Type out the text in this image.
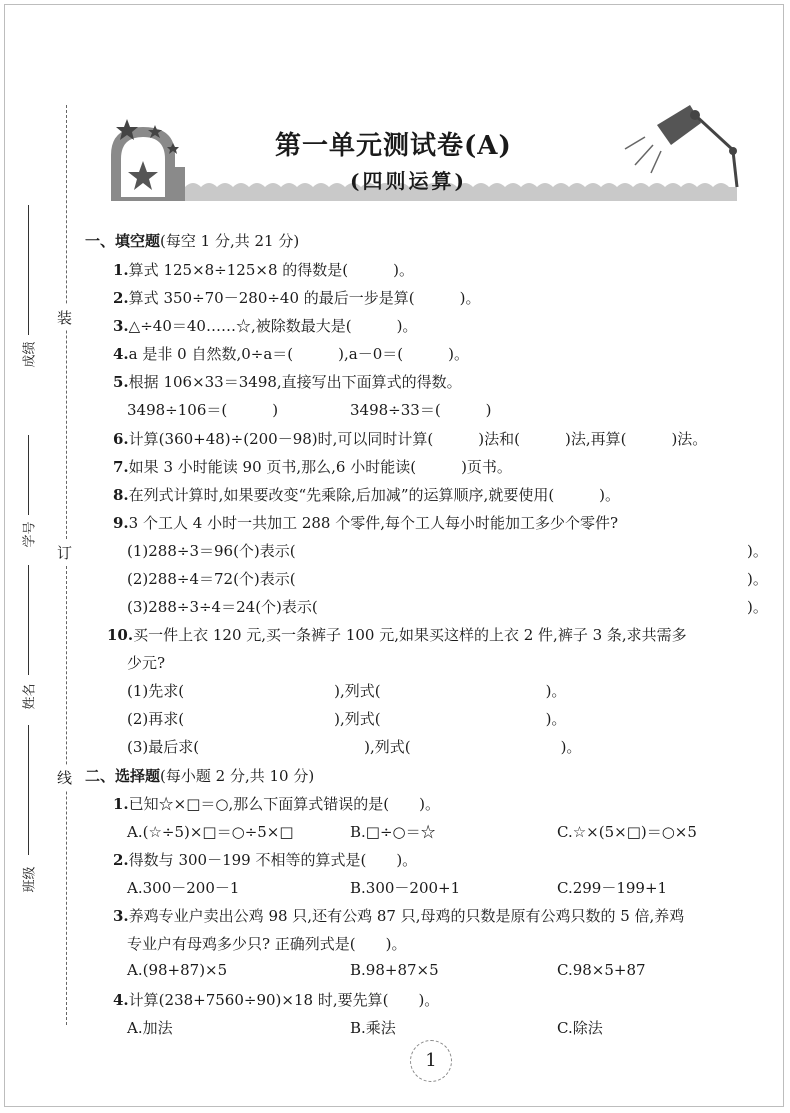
装
订
线
成绩
学号
姓名
班级
第一单元测试卷(A)
(四则运算)
一、填空题(每空 1 分,共 21 分)
1.算式 125×8÷125×8 的得数是(　　　)。
2.算式 350÷70－280÷40 的最后一步是算(　　　)。
3.△÷40＝40……☆,被除数最大是(　　　)。
4.a 是非 0 自然数,0÷a＝(　　　),a－0＝(　　　)。
5.根据 106×33＝3498,直接写出下面算式的得数。
3498÷106＝(　　　)	3498÷33＝(　　　)
6.计算(360+48)÷(200－98)时,可以同时计算(　　　)法和(　　　)法,再算(　　　)法。
7.如果 3 小时能读 90 页书,那么,6 小时能读(　　　)页书。
8.在列式计算时,如果要改变“先乘除,后加减”的运算顺序,就要使用(　　　)。
9.3 个工人 4 小时一共加工 288 个零件,每个工人每小时能加工多少个零件?
(1)288÷3＝96(个)表示(	)。
(2)288÷4＝72(个)表示(	)。
(3)288÷3÷4＝24(个)表示(	)。
10.买一件上衣 120 元,买一条裤子 100 元,如果买这样的上衣 2 件,裤子 3 条,求共需多
少元?
(1)先求(　　　　　　　　　　),列式(　　　　　　　　　　　)。
(2)再求(　　　　　　　　　　),列式(　　　　　　　　　　　)。
(3)最后求(　　　　　　　　　　　),列式(　　　　　　　　　　)。
二、选择题(每小题 2 分,共 10 分)
1.已知☆×□＝○,那么下面算式错误的是(　　)。
A.(☆÷5)×□＝○÷5×□	B.□÷○＝☆	C.☆×(5×□)＝○×5
2.得数与 300－199 不相等的算式是(　　)。
A.300－200－1	B.300－200+1	C.299－199+1
3.养鸡专业户卖出公鸡 98 只,还有公鸡 87 只,母鸡的只数是原有公鸡只数的 5 倍,养鸡
专业户有母鸡多少只? 正确列式是(　　)。
A.(98+87)×5	B.98+87×5	C.98×5+87
4.计算(238+7560÷90)×18 时,要先算(　　)。
A.加法	B.乘法	C.除法
1
